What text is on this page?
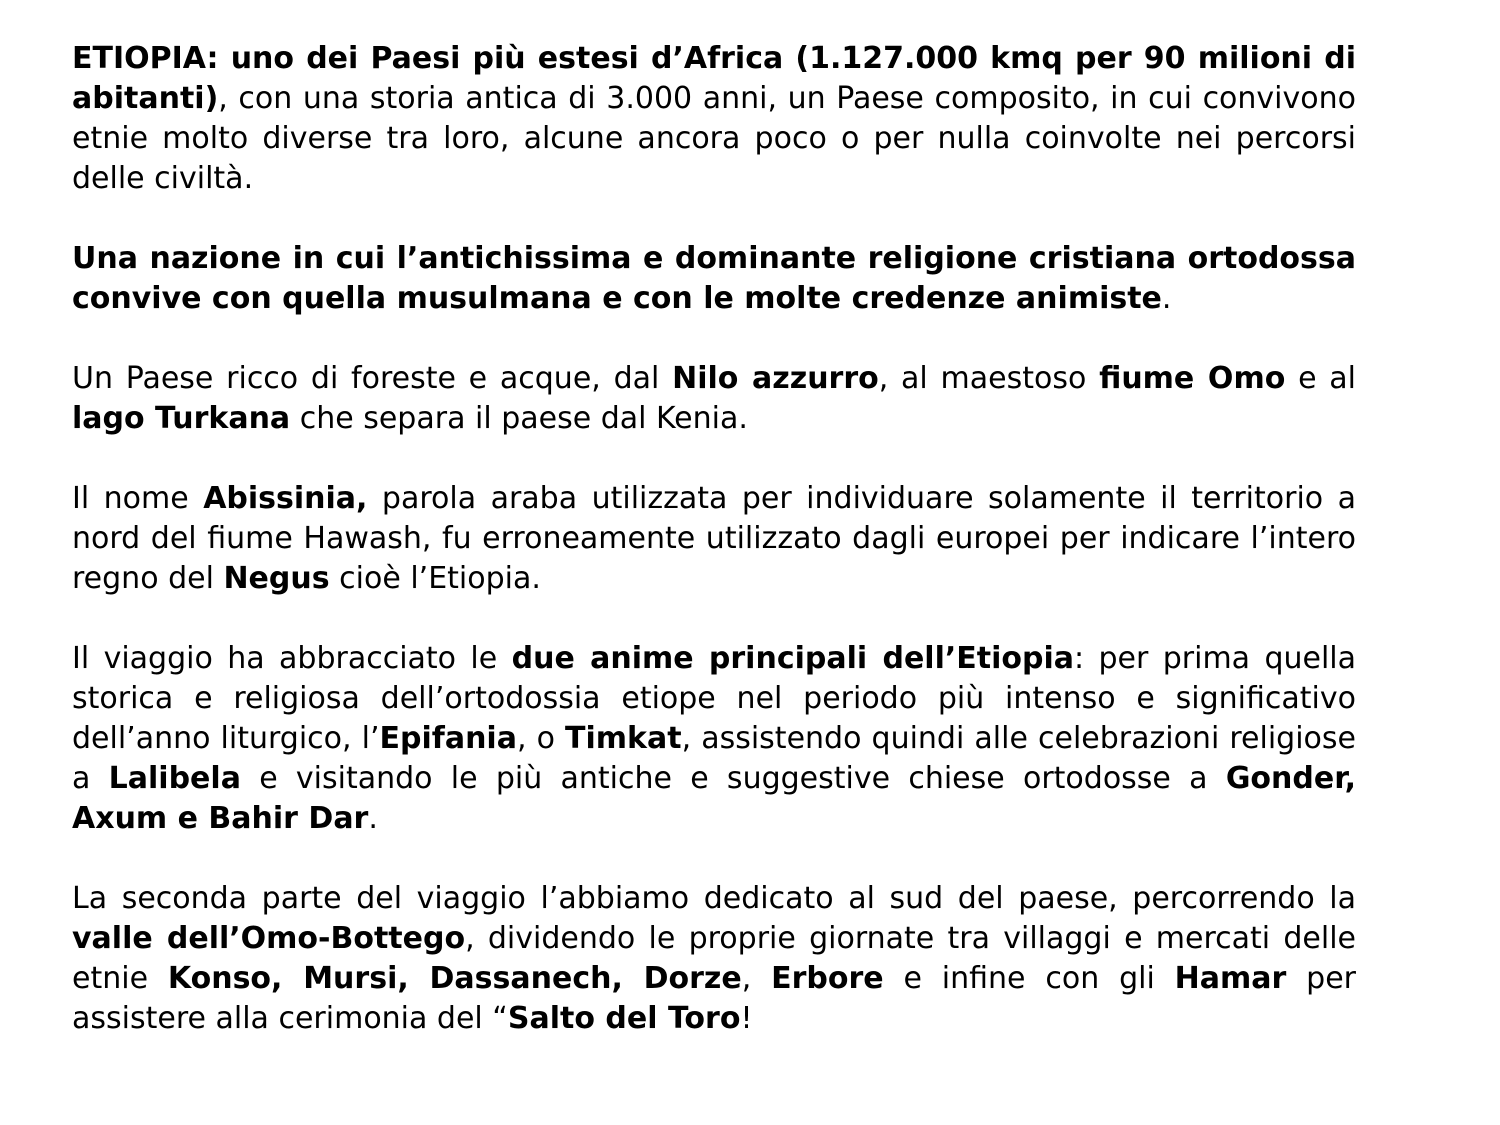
ETIOPIA: uno dei Paesi più estesi d’Africa (1.127.000 kmq per 90 milioni di abitanti), con una storia antica di 3.000 anni, un Paese composito, in cui convivono etnie molto diverse tra loro, alcune ancora poco o per nulla coinvolte nei percorsi delle civiltà.

Una nazione in cui l’antichissima e dominante religione cristiana ortodossa convive con quella musulmana e con le molte credenze animiste.

Un Paese ricco di foreste e acque, dal Nilo azzurro, al maestoso fiume Omo e al lago Turkana che separa il paese dal Kenia.

Il nome Abissinia, parola araba utilizzata per individuare solamente il territorio a nord del fiume Hawash, fu erroneamente utilizzato dagli europei per indicare l’intero regno del Negus cioè l’Etiopia.

Il viaggio ha abbracciato le due anime principali dell’Etiopia: per prima quella storica e religiosa dell’ortodossia etiope nel periodo più intenso e significativo dell’anno liturgico, l’Epifania, o Timkat, assistendo quindi alle celebrazioni religiose a Lalibela e visitando le più antiche e suggestive chiese ortodosse a Gonder, Axum e Bahir Dar.

La seconda parte del viaggio l’abbiamo dedicato al sud del paese, percorrendo la valle dell’Omo-Bottego, dividendo le proprie giornate tra villaggi e mercati delle etnie Konso, Mursi, Dassanech, Dorze, Erbore e infine con gli Hamar per assistere alla cerimonia del “Salto del Toro!
